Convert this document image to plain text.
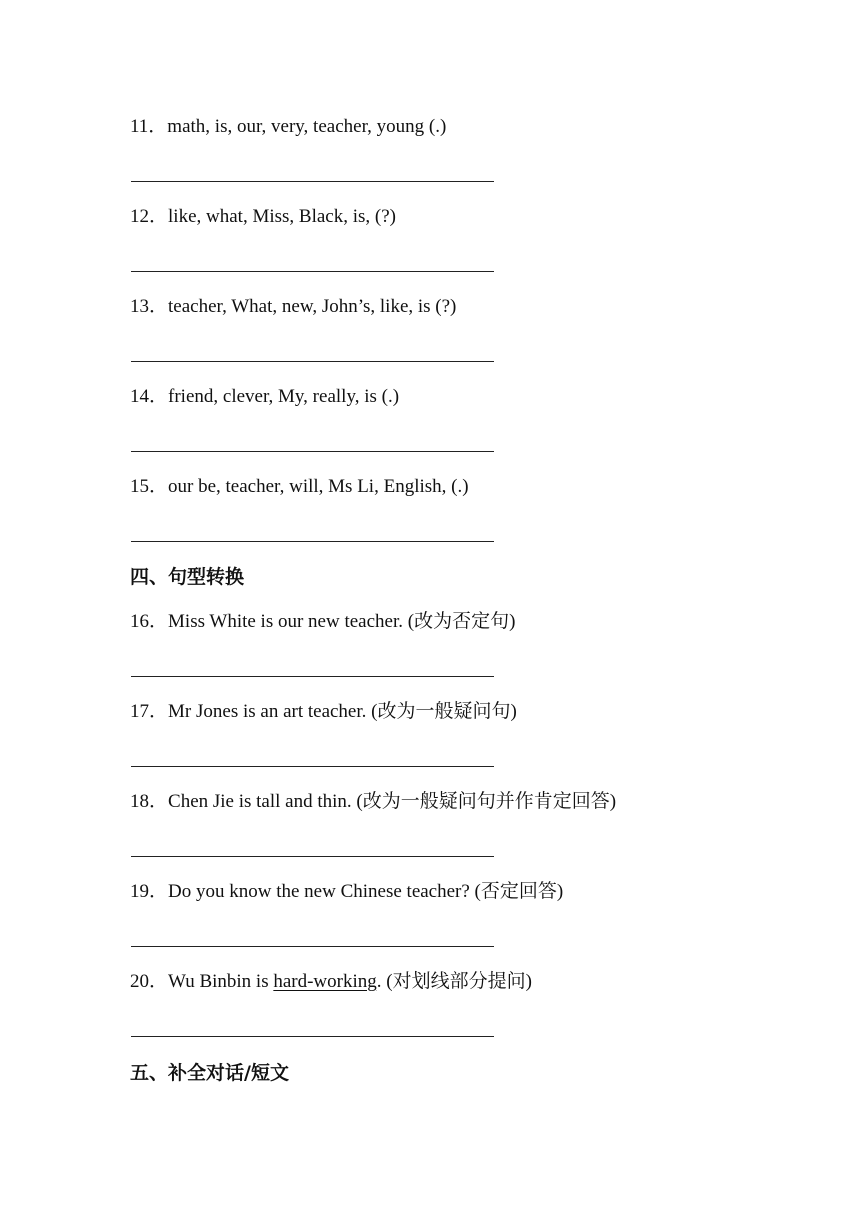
11．math, is, our, very, teacher, young (.)
12．like, what, Miss, Black, is, (?)
13．teacher, What, new, John’s, like, is (?)
14．friend, clever, My, really, is (.)
15．our be, teacher, will, Ms Li, English, (.)
四、句型转换
16．Miss White is our new teacher. (改为否定句)
17．Mr Jones is an art teacher. (改为一般疑问句)
18．Chen Jie is tall and thin. (改为一般疑问句并作肯定回答)
19．Do you know the new Chinese teacher? (否定回答)
20．Wu Binbin is hard-working. (对划线部分提问)
五、补全对话/短文
